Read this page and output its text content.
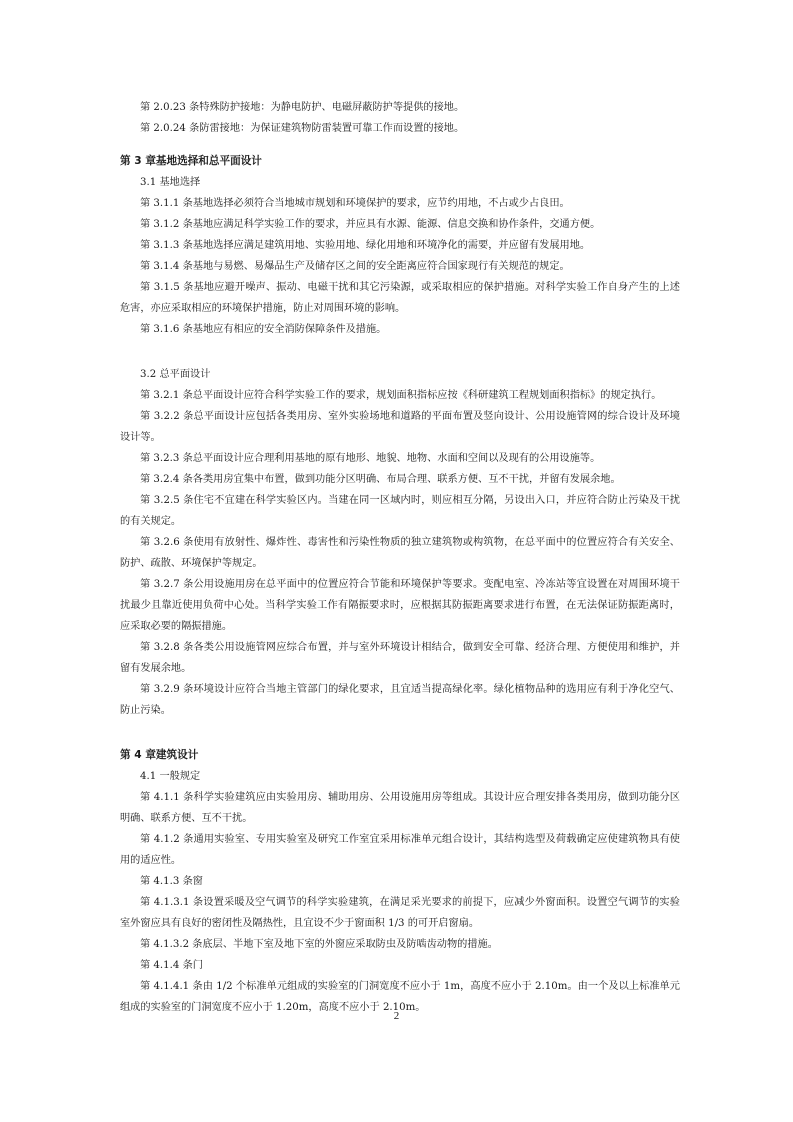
第 2.0.23 条特殊防护接地：为静电防护、电磁屏蔽防护等提供的接地。

第 2.0.24 条防雷接地：为保证建筑物防雷装置可靠工作而设置的接地。

第 3 章基地选择和总平面设计

3.1 基地选择

第 3.1.1 条基地选择必须符合当地城市规划和环境保护的要求，应节约用地，不占或少占良田。

第 3.1.2 条基地应满足科学实验工作的要求，并应具有水源、能源、信息交换和协作条件，交通方便。

第 3.1.3 条基地选择应满足建筑用地、实验用地、绿化用地和环境净化的需要，并应留有发展用地。

第 3.1.4 条基地与易燃、易爆品生产及储存区之间的安全距离应符合国家现行有关规范的规定。

第 3.1.5 条基地应避开噪声、振动、电磁干扰和其它污染源，或采取相应的保护措施。对科学实验工作自身产生的上述危害，亦应采取相应的环境保护措施，防止对周围环境的影响。

第 3.1.6 条基地应有相应的安全消防保障条件及措施。

3.2 总平面设计

第 3.2.1 条总平面设计应符合科学实验工作的要求，规划面积指标应按《科研建筑工程规划面积指标》的规定执行。

第 3.2.2 条总平面设计应包括各类用房、室外实验场地和道路的平面布置及竖向设计、公用设施管网的综合设计及环境设计等。

第 3.2.3 条总平面设计应合理利用基地的原有地形、地貌、地物、水面和空间以及现有的公用设施等。

第 3.2.4 条各类用房宜集中布置，做到功能分区明确、布局合理、联系方便、互不干扰，并留有发展余地。

第 3.2.5 条住宅不宜建在科学实验区内。当建在同一区域内时，则应相互分隔，另设出入口，并应符合防止污染及干扰的有关规定。

第 3.2.6 条使用有放射性、爆炸性、毒害性和污染性物质的独立建筑物或构筑物，在总平面中的位置应符合有关安全、防护、疏散、环境保护等规定。

第 3.2.7 条公用设施用房在总平面中的位置应符合节能和环境保护等要求。变配电室、冷冻站等宜设置在对周围环境干扰最少且靠近使用负荷中心处。当科学实验工作有隔振要求时，应根据其防振距离要求进行布置，在无法保证防振距离时，应采取必要的隔振措施。

第 3.2.8 条各类公用设施管网应综合布置，并与室外环境设计相结合，做到安全可靠、经济合理、方便使用和维护，并留有发展余地。

第 3.2.9 条环境设计应符合当地主管部门的绿化要求，且宜适当提高绿化率。绿化植物品种的选用应有利于净化空气、防止污染。

第 4 章建筑设计

4.1 一般规定

第 4.1.1 条科学实验建筑应由实验用房、辅助用房、公用设施用房等组成。其设计应合理安排各类用房，做到功能分区明确、联系方便、互不干扰。

第 4.1.2 条通用实验室、专用实验室及研究工作室宜采用标准单元组合设计，其结构选型及荷载确定应使建筑物具有使用的适应性。

第 4.1.3 条窗

第 4.1.3.1 条设置采暖及空气调节的科学实验建筑，在满足采光要求的前提下，应减少外窗面积。设置空气调节的实验室外窗应具有良好的密闭性及隔热性，且宜设不少于窗面积 1/3 的可开启窗扇。

第 4.1.3.2 条底层、半地下室及地下室的外窗应采取防虫及防啮齿动物的措施。

第 4.1.4 条门

第 4.1.4.1 条由 1/2 个标准单元组成的实验室的门洞宽度不应小于 1m，高度不应小于 2.10m。由一个及以上标准单元组成的实验室的门洞宽度不应小于 1.20m，高度不应小于 2.10m。

2
